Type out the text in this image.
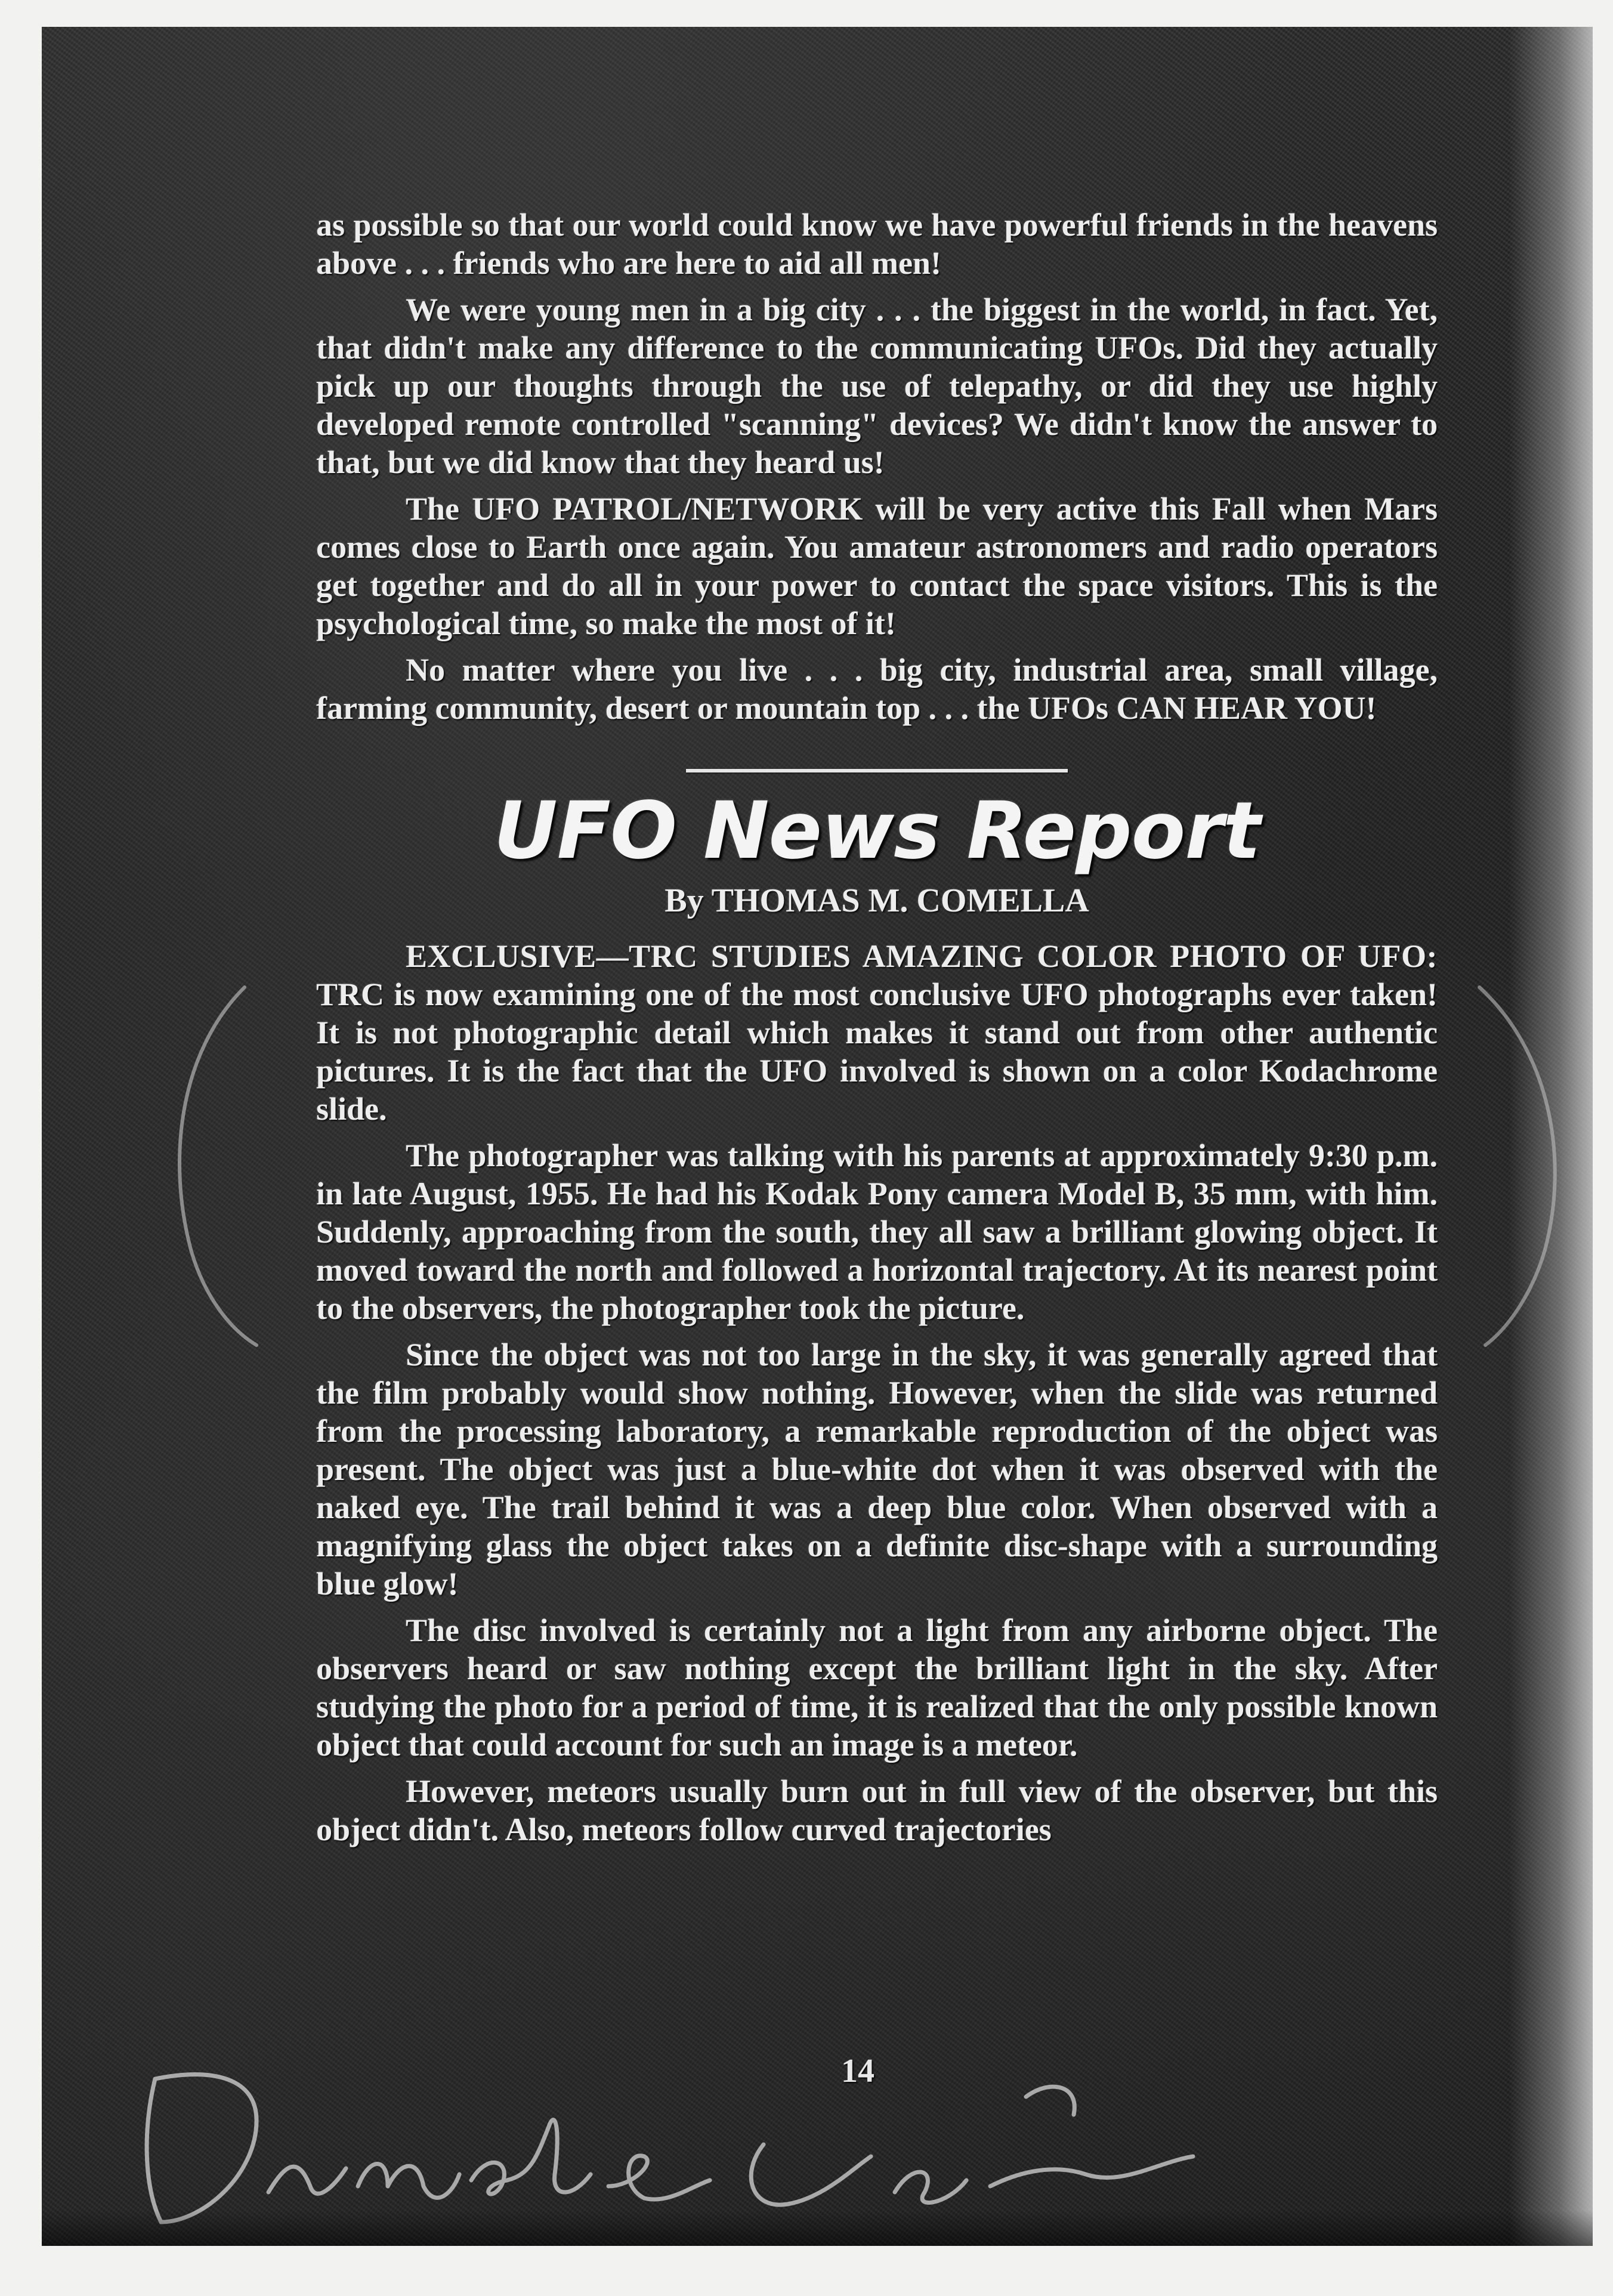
as possible so that our world could know we have powerful friends in the heavens above . . . friends who are here to aid all men!

We were young men in a big city . . . the biggest in the world, in fact. Yet, that didn't make any difference to the communicating UFOs. Did they actually pick up our thoughts through the use of telepathy, or did they use highly developed remote controlled "scanning" devices? We didn't know the answer to that, but we did know that they heard us!

The UFO PATROL/NETWORK will be very active this Fall when Mars comes close to Earth once again. You amateur astronomers and radio operators get together and do all in your power to contact the space visitors. This is the psychological time, so make the most of it!

No matter where you live . . . big city, industrial area, small village, farming community, desert or mountain top . . . the UFOs CAN HEAR YOU!

UFO News Report
By THOMAS M. COMELLA

EXCLUSIVE—TRC STUDIES AMAZING COLOR PHOTO OF UFO: TRC is now examining one of the most conclusive UFO photographs ever taken! It is not photographic detail which makes it stand out from other authentic pictures. It is the fact that the UFO involved is shown on a color Kodachrome slide.

The photographer was talking with his parents at approximately 9:30 p.m. in late August, 1955. He had his Kodak Pony camera Model B, 35 mm, with him. Suddenly, approaching from the south, they all saw a brilliant glowing object. It moved toward the north and followed a horizontal trajectory. At its nearest point to the observers, the photographer took the picture.

Since the object was not too large in the sky, it was generally agreed that the film probably would show nothing. However, when the slide was returned from the processing laboratory, a remarkable reproduction of the object was present. The object was just a blue-white dot when it was observed with the naked eye. The trail behind it was a deep blue color. When observed with a magnifying glass the object takes on a definite disc-shape with a surrounding blue glow!

The disc involved is certainly not a light from any airborne object. The observers heard or saw nothing except the brilliant light in the sky. After studying the photo for a period of time, it is realized that the only possible known object that could account for such an image is a meteor.

However, meteors usually burn out in full view of the observer, but this object didn't. Also, meteors follow curved trajectories

14
